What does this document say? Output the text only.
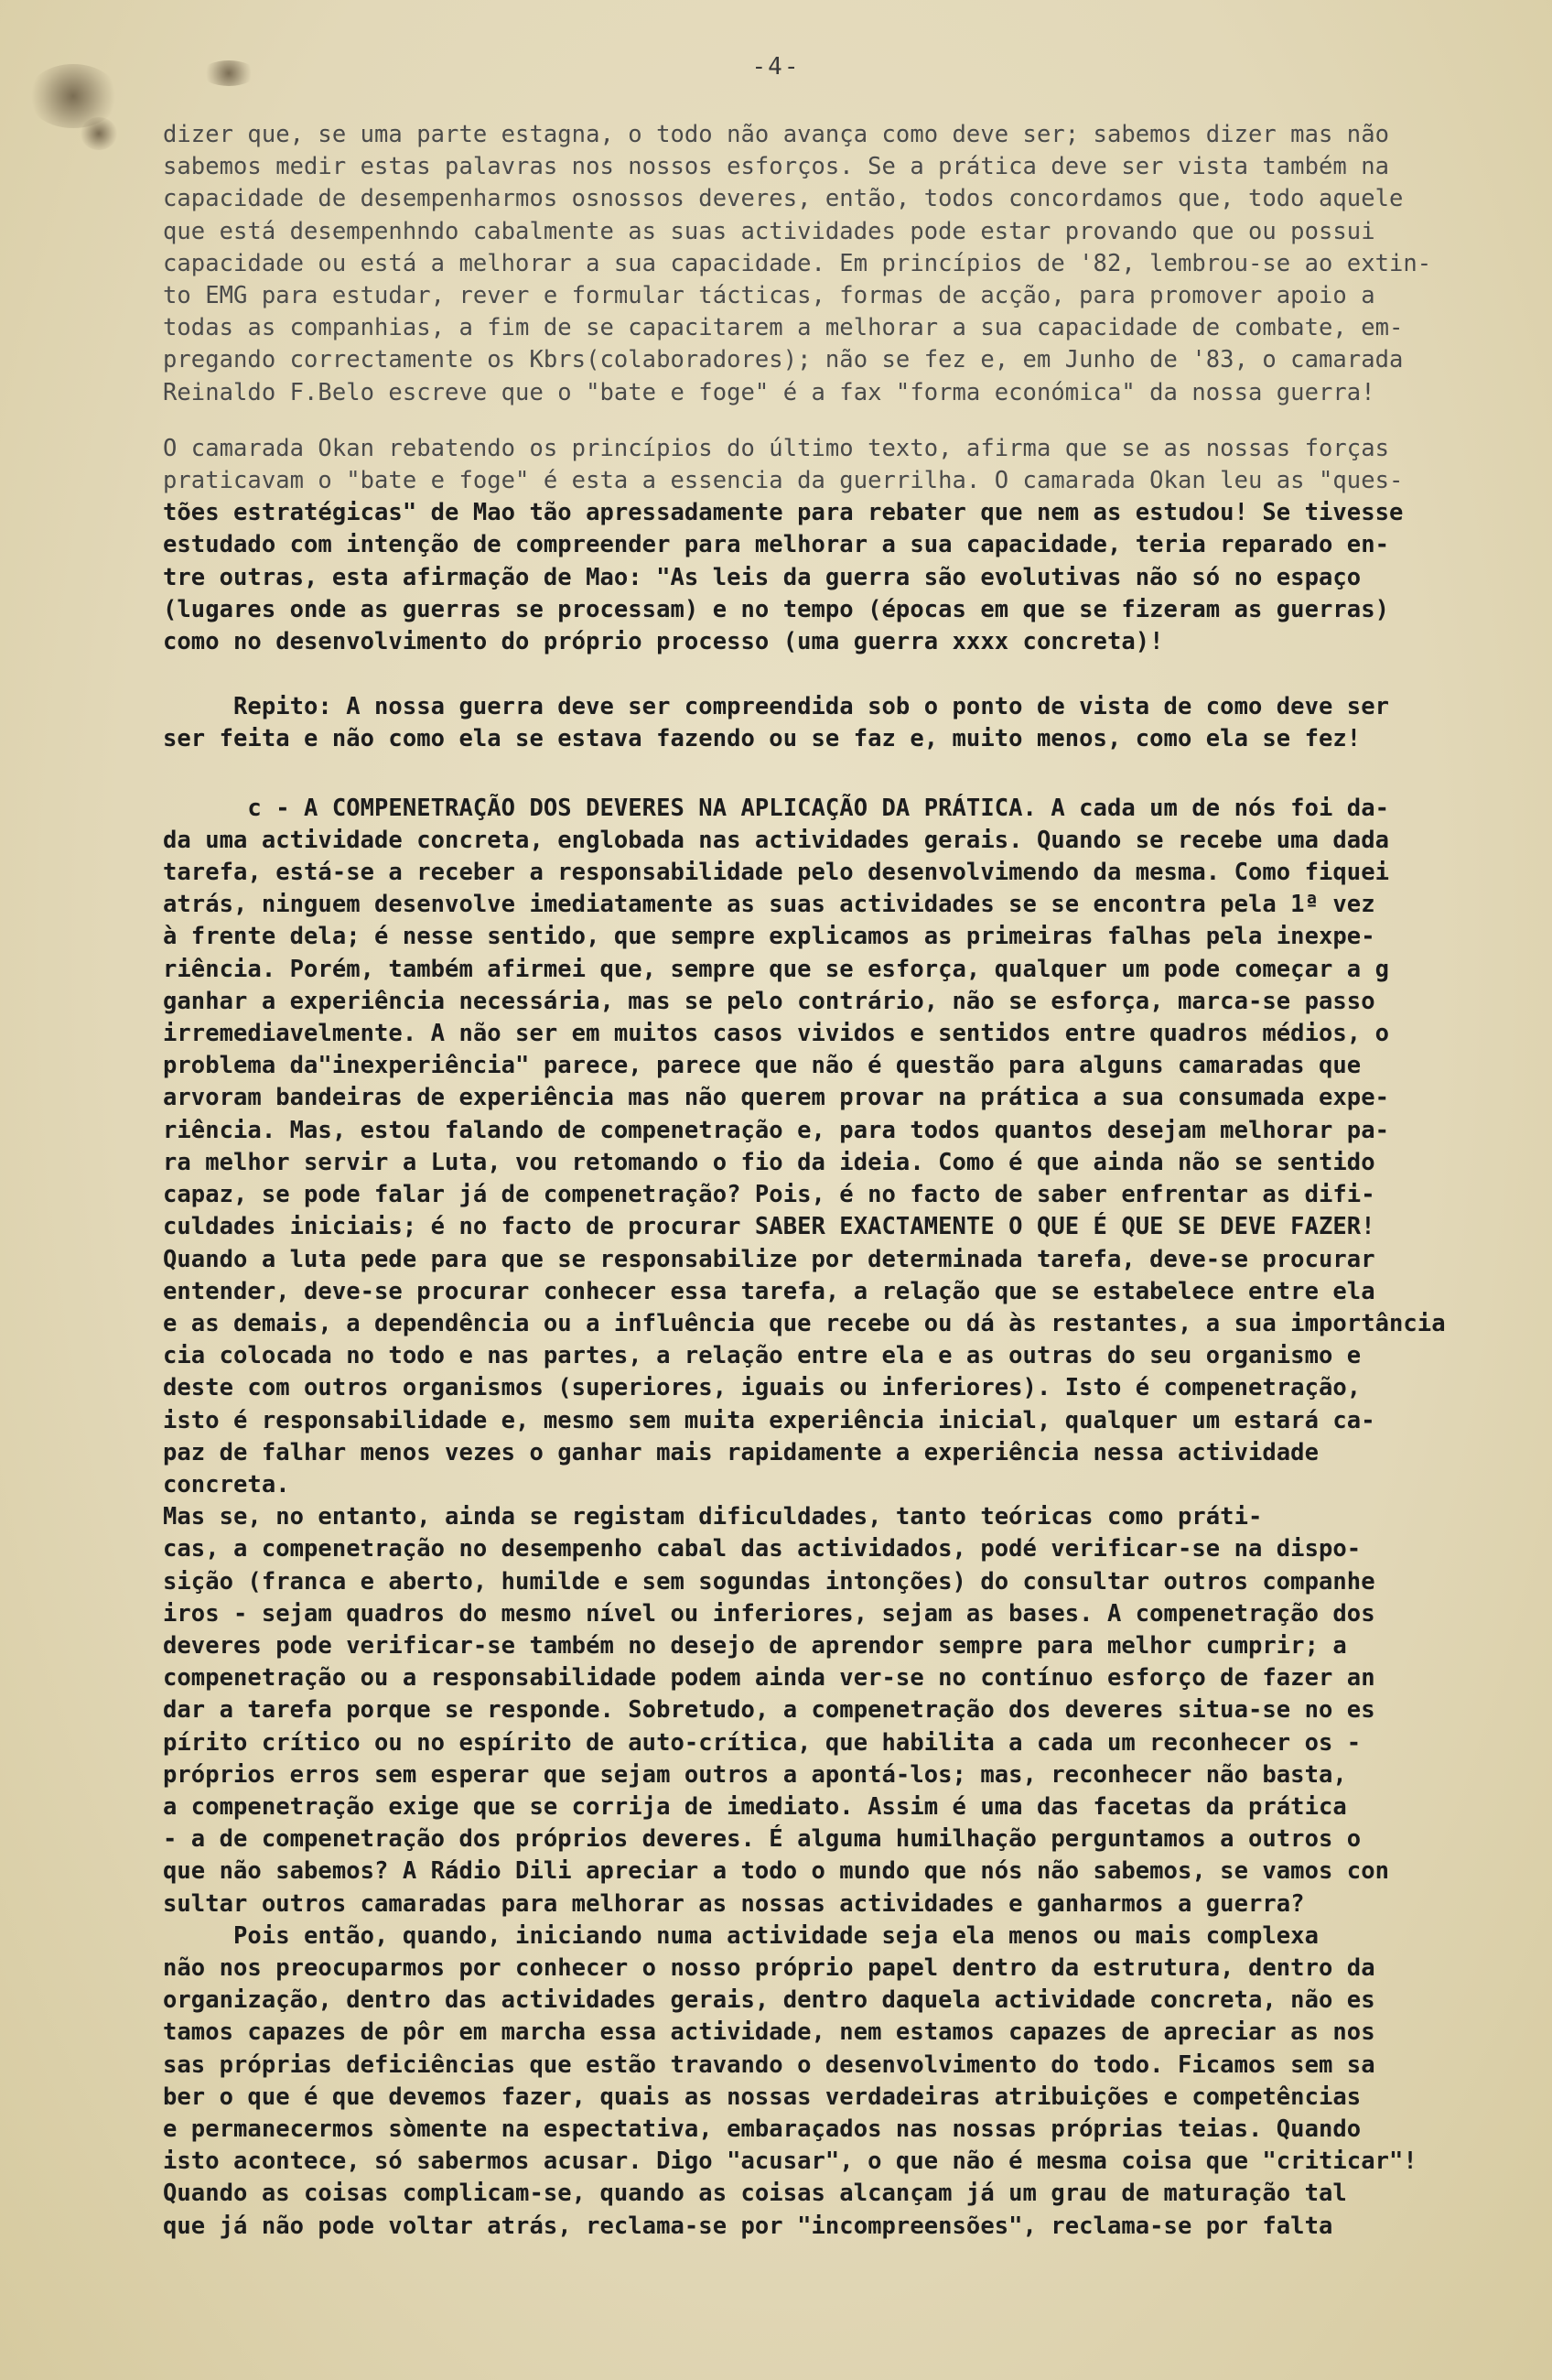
-4-
dizer que, se uma parte estagna, o todo não avança como deve ser; sabemos dizer mas não
sabemos medir estas palavras nos nossos esforços. Se a prática deve ser vista também na
capacidade de desempenharmos osnossos deveres, então, todos concordamos que, todo aquele
que está desempenhndo cabalmente as suas actividades pode estar provando que ou possui
capacidade ou está a melhorar a sua capacidade. Em princípios de '82, lembrou-se ao extin-
to EMG para estudar, rever e formular tácticas, formas de acção, para promover apoio a
todas as companhias, a fim de se capacitarem a melhorar a sua capacidade de combate, em-
pregando correctamente os Kbrs(colaboradores); não se fez e, em Junho de '83, o camarada
Reinaldo F.Belo escreve que o "bate e foge" é a fax "forma económica" da nossa guerra!
O camarada Okan rebatendo os princípios do último texto, afirma que se as nossas forças
praticavam o "bate e foge" é esta a essencia da guerrilha. O camarada Okan leu as "ques-
tões estratégicas" de Mao tão apressadamente para rebater que nem as estudou! Se tivesse
estudado com intenção de compreender para melhorar a sua capacidade, teria reparado en-
tre outras, esta afirmação de Mao: "As leis da guerra são evolutivas não só no espaço
(lugares onde as guerras se processam) e no tempo (épocas em que se fizeram as guerras)
como no desenvolvimento do próprio processo (uma guerra xxxx concreta)!
Repito: A nossa guerra deve ser compreendida sob o ponto de vista de como deve ser
ser feita e não como ela se estava fazendo ou se faz e, muito menos, como ela se fez!
c - A COMPENETRAÇÃO DOS DEVERES NA APLICAÇÃO DA PRÁTICA. A cada um de nós foi da-
da uma actividade concreta, englobada nas actividades gerais. Quando se recebe uma dada
tarefa, está-se a receber a responsabilidade pelo desenvolvimendo da mesma. Como fiquei
atrás, ninguem desenvolve imediatamente as suas actividades se se encontra pela 1ª vez
à frente dela; é nesse sentido, que sempre explicamos as primeiras falhas pela inexpe-
riência. Porém, também afirmei que, sempre que se esforça, qualquer um pode começar a g
ganhar a experiência necessária, mas se pelo contrário, não se esforça, marca-se passo
irremediavelmente. A não ser em muitos casos vividos e sentidos entre quadros médios, o
problema da"inexperiência" parece, parece que não é questão para alguns camaradas que
arvoram bandeiras de experiência mas não querem provar na prática a sua consumada expe-
riência. Mas, estou falando de compenetração e, para todos quantos desejam melhorar pa-
ra melhor servir a Luta, vou retomando o fio da ideia. Como é que ainda não se sentido
capaz, se pode falar já de compenetração? Pois, é no facto de saber enfrentar as difi-
culdades iniciais; é no facto de procurar SABER EXACTAMENTE O QUE É QUE SE DEVE FAZER!
Quando a luta pede para que se responsabilize por determinada tarefa, deve-se procurar
entender, deve-se procurar conhecer essa tarefa, a relação que se estabelece entre ela
e as demais, a dependência ou a influência que recebe ou dá às restantes, a sua importância
cia colocada no todo e nas partes, a relação entre ela e as outras do seu organismo e
deste com outros organismos (superiores, iguais ou inferiores). Isto é compenetração,
isto é responsabilidade e, mesmo sem muita experiência inicial, qualquer um estará ca-
paz de falhar menos vezes o ganhar mais rapidamente a experiência nessa actividade
concreta.
Mas se, no entanto, ainda se registam dificuldades, tanto teóricas como práti-
cas, a compenetração no desempenho cabal das actividados, podé verificar-se na dispo-
sição (franca e aberto, humilde e sem sogundas intonções) do consultar outros companhe
iros - sejam quadros do mesmo nível ou inferiores, sejam as bases. A compenetração dos
deveres pode verificar-se também no desejo de aprendor sempre para melhor cumprir; a
compenetração ou a responsabilidade podem ainda ver-se no contínuo esforço de fazer an
dar a tarefa porque se responde. Sobretudo, a compenetração dos deveres situa-se no es
pírito crítico ou no espírito de auto-crítica, que habilita a cada um reconhecer os -
próprios erros sem esperar que sejam outros a apontá-los; mas, reconhecer não basta,
a compenetração exige que se corrija de imediato. Assim é uma das facetas da prática
- a de compenetração dos próprios deveres. É alguma humilhação perguntamos a outros o
que não sabemos? A Rádio Dili apreciar a todo o mundo que nós não sabemos, se vamos con
sultar outros camaradas para melhorar as nossas actividades e ganharmos a guerra?
Pois então, quando, iniciando numa actividade seja ela menos ou mais complexa
não nos preocuparmos por conhecer o nosso próprio papel dentro da estrutura, dentro da
organização, dentro das actividades gerais, dentro daquela actividade concreta, não es
tamos capazes de pôr em marcha essa actividade, nem estamos capazes de apreciar as nos
sas próprias deficiências que estão travando o desenvolvimento do todo. Ficamos sem sa
ber o que é que devemos fazer, quais as nossas verdadeiras atribuições e competências
e permanecermos sòmente na espectativa, embaraçados nas nossas próprias teias. Quando
isto acontece, só sabermos acusar. Digo "acusar", o que não é mesma coisa que "criticar"!
Quando as coisas complicam-se, quando as coisas alcançam já um grau de maturação tal
que já não pode voltar atrás, reclama-se por "incompreensões", reclama-se por falta
